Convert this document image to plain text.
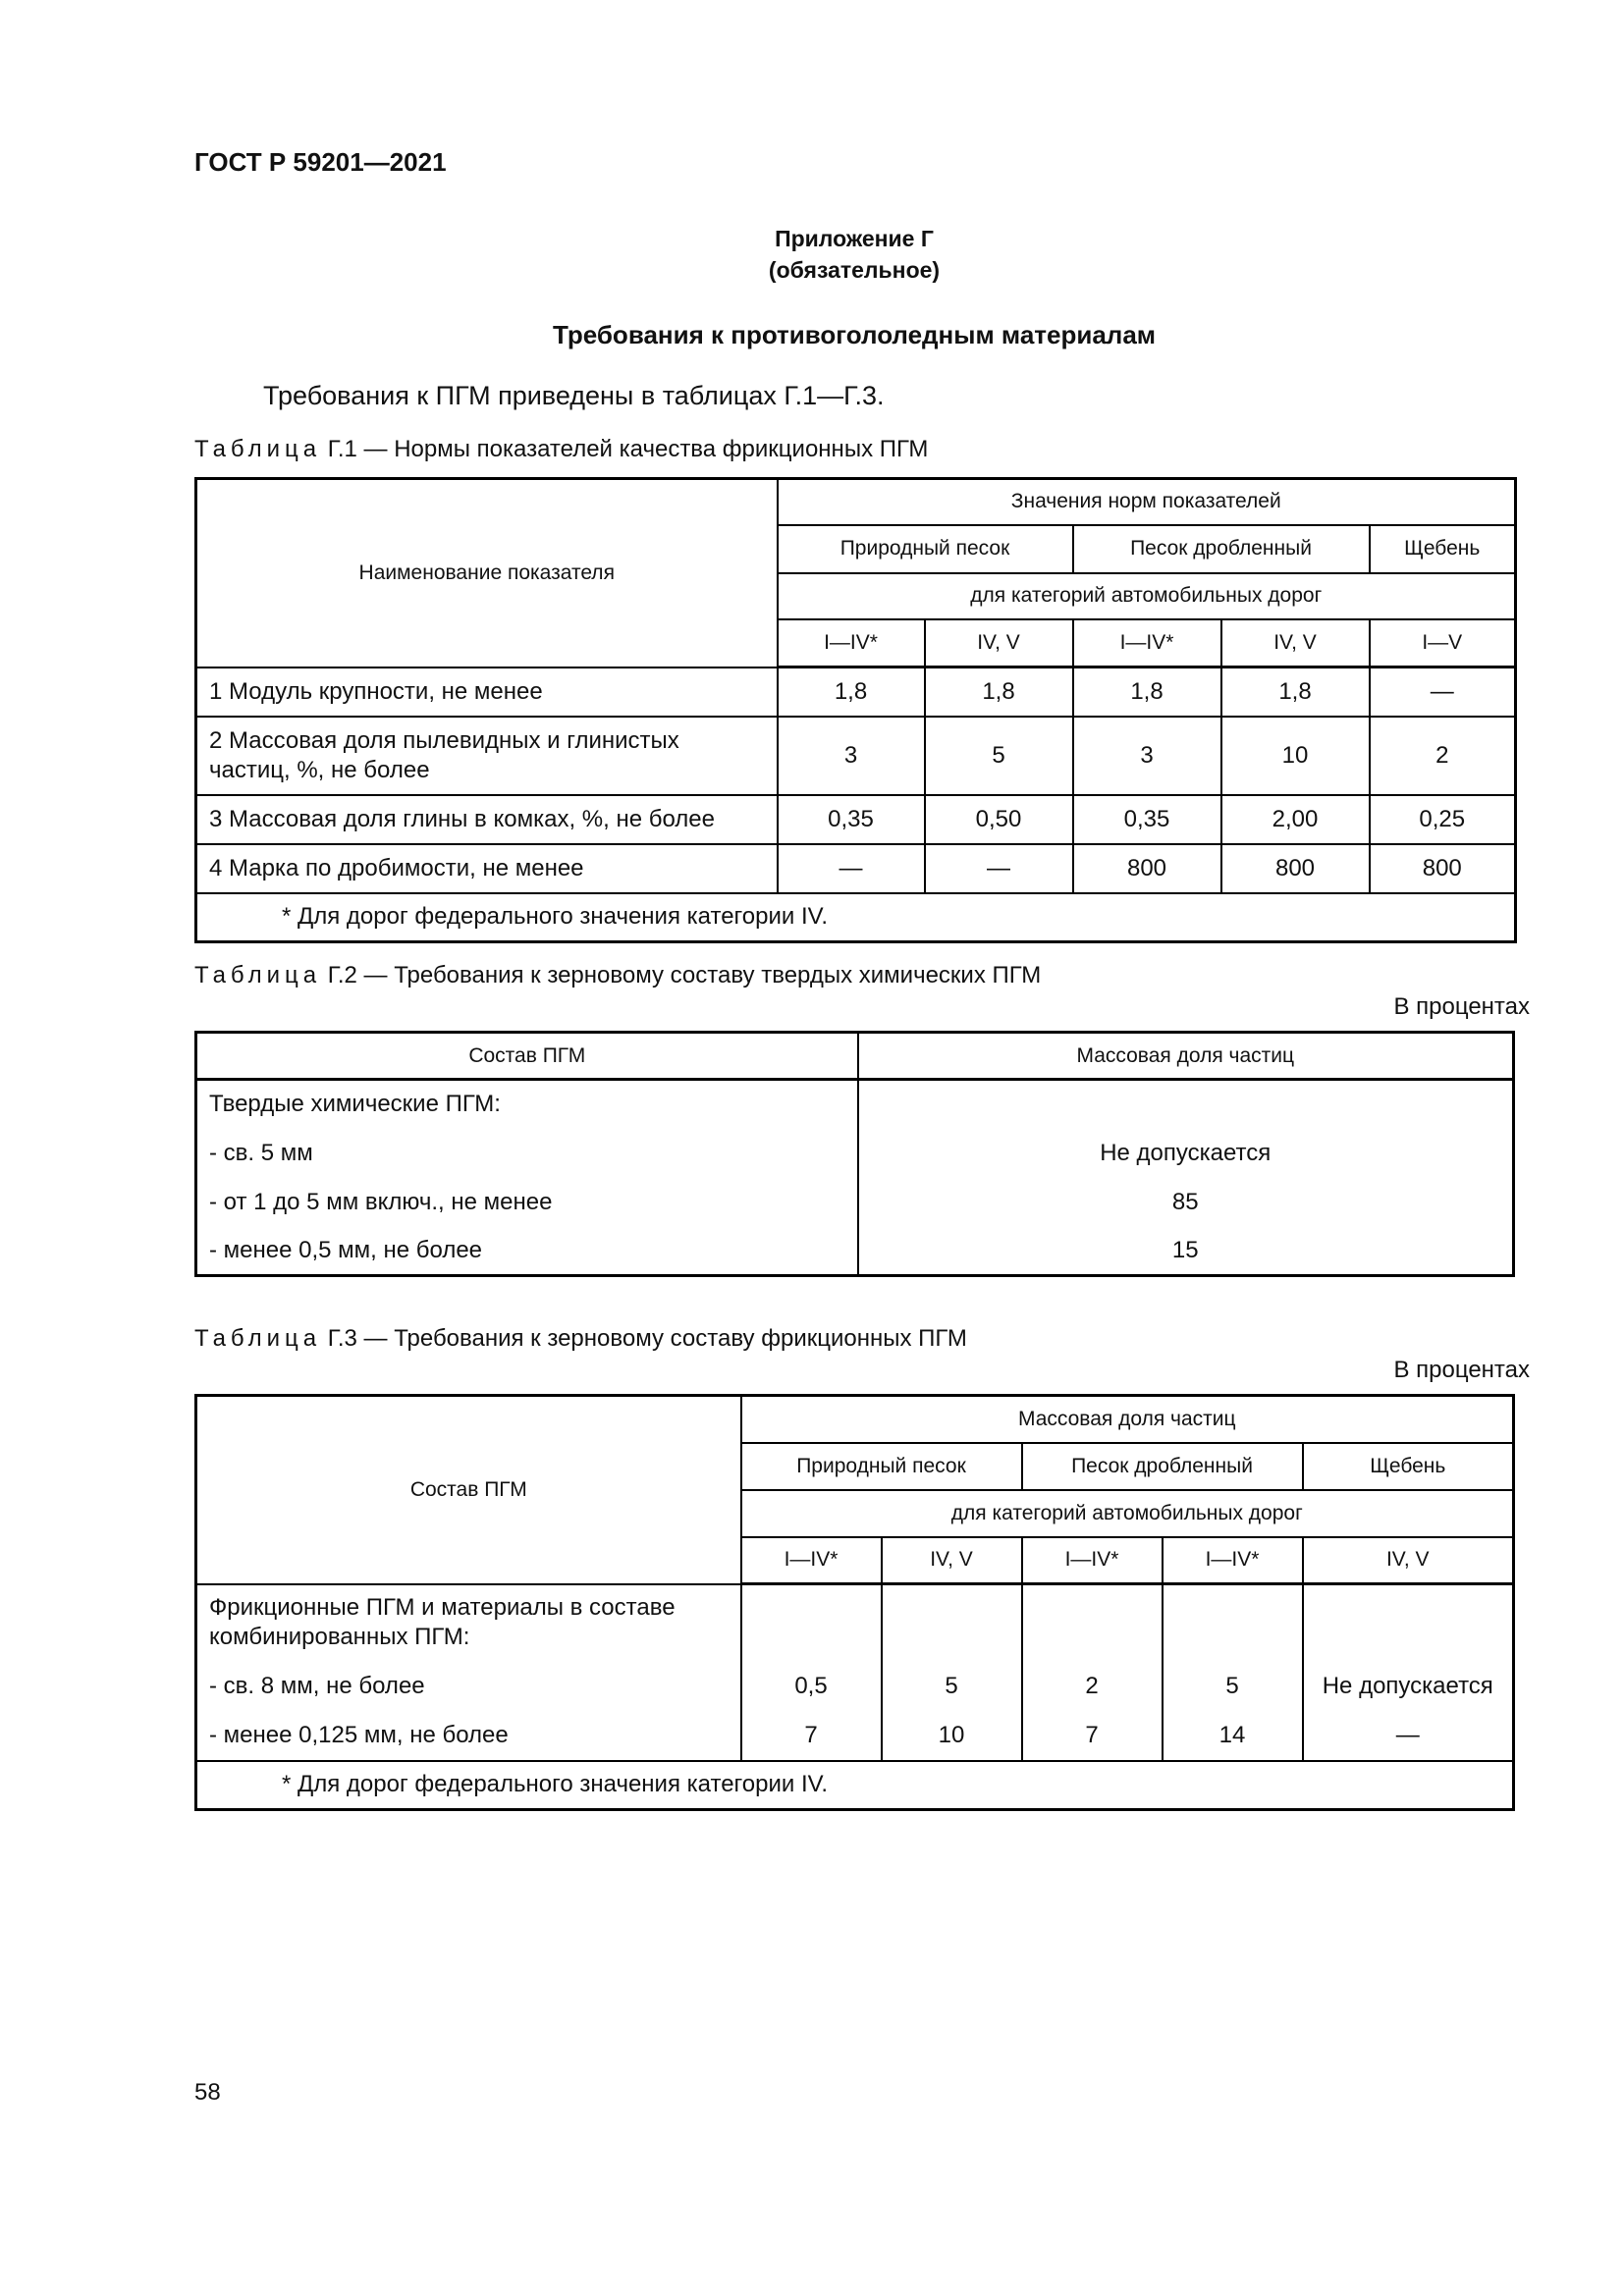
ГОСТ Р 59201—2021
Приложение Г
(обязательное)
Требования к противогололедным материалам
Требования к ПГМ приведены в таблицах Г.1—Г.3.
Таблица Г.1 — Нормы показателей качества фрикционных ПГМ
Наименование показателя	Значения норм показателей				
	Природный песок		Песок дробленный		Щебень
	для категорий автомобильных дорог				
	I—IV*	IV, V	I—IV*	IV, V	I—V
1 Модуль крупности, не менее	1,8	1,8	1,8	1,8	—
2 Массовая доля пылевидных и глинистых частиц, %, не более	3	5	3	10	2
3 Массовая доля глины в комках, %, не более	0,35	0,50	0,35	2,00	0,25
4 Марка по дробимости, не менее	—	—	800	800	800
* Для дорог федерального значения категории IV.					
Таблица Г.2 — Требования к зерновому составу твердых химических ПГМ
В процентах
Состав ПГМ	Массовая доля частиц
Твердые химические ПГМ:	
- св. 5 мм	Не допускается
- от 1 до 5 мм включ., не менее	85
- менее 0,5 мм, не более	15
Таблица Г.3 — Требования к зерновому составу фрикционных ПГМ
В процентах
Состав ПГМ	Массовая доля частиц				
	Природный песок		Песок дробленный		Щебень
	для категорий автомобильных дорог				
	I—IV*	IV, V	I—IV*	I—IV*	IV, V
Фрикционные ПГМ и материалы в составе комбинированных ПГМ:					
- св. 8 мм, не более	0,5	5	2	5	Не допускается
- менее 0,125 мм, не более	7	10	7	14	—
* Для дорог федерального значения категории IV.					
58
